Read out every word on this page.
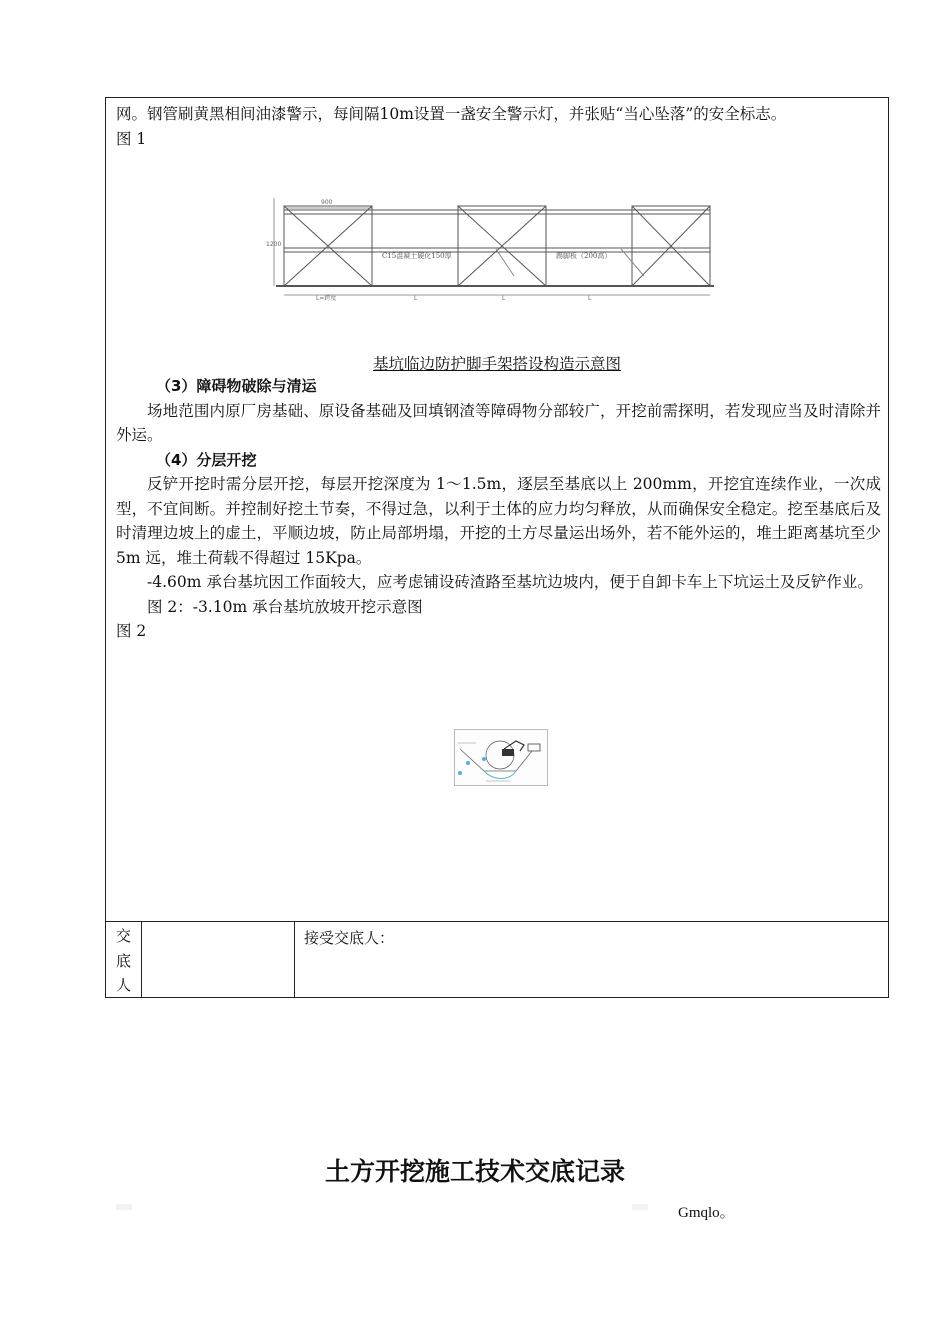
网。钢管刷黄黑相间油漆警示，每间隔10m设置一盏安全警示灯，并张贴“当心坠落”的安全标志。

图 1

900
1200
C15混凝土硬化150厚	踢脚板（200高）
L=跨度	L	L	L
基坑临边防护脚手架搭设构造示意图

（3）障碍物破除与清运

场地范围内原厂房基础、原设备基础及回填钢渣等障碍物分部较广，开挖前需探明，若发现应当及时清除并外运。

（4）分层开挖

反铲开挖时需分层开挖，每层开挖深度为 1～1.5m，逐层至基底以上 200mm，开挖宜连续作业，一次成型，不宜间断。并控制好挖土节奏，不得过急，以利于土体的应力均匀释放，从而确保安全稳定。挖至基底后及时清理边坡上的虚土，平顺边坡，防止局部坍塌，开挖的土方尽量运出场外，若不能外运的，堆土距离基坑至少 5m 远，堆土荷载不得超过 15Kpa。

-4.60m 承台基坑因工作面较大，应考虑铺设砖渣路至基坑边坡内，便于自卸卡车上下坑运土及反铲作业。

图 2：-3.10m 承台基坑放坡开挖示意图

图 2

交
底
人
接受交底人：
土方开挖施工技术交底记录
Gmqlo。
